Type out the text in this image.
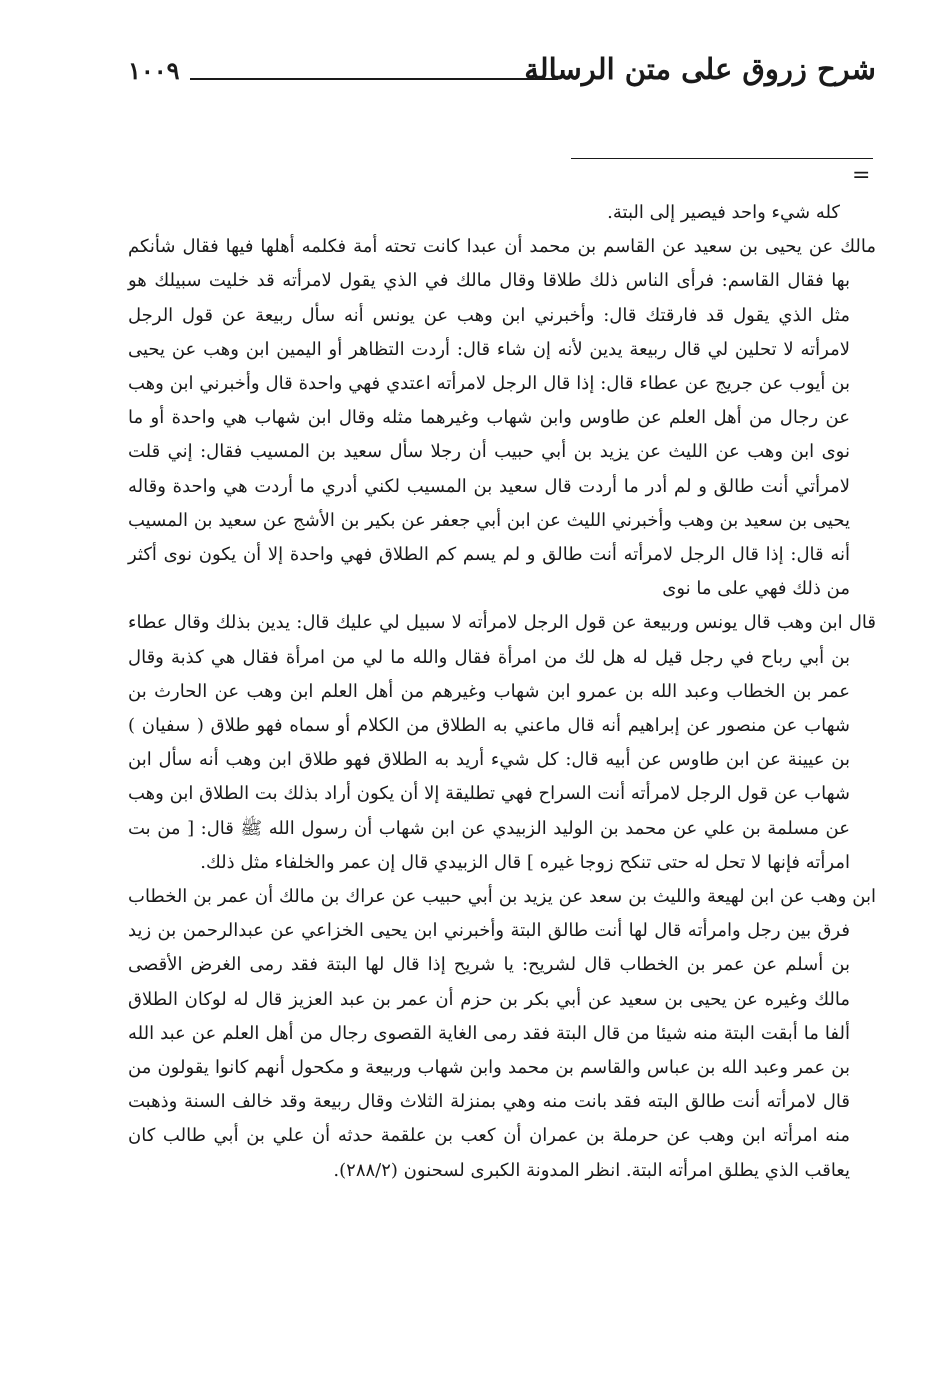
شرح زروق على متن الرسالة
١٠٠٩
=

كله شيء واحد فيصير إلى البتة.

مالك عن يحيى بن سعيد عن القاسم بن محمد أن عبدا كانت تحته أمة فكلمه أهلها فيها فقال شأنكم بها فقال القاسم: فرأى الناس ذلك طلاقا وقال مالك في الذي يقول لامرأته قد خليت سبيلك هو مثل الذي يقول قد فارقتك قال: وأخبرني ابن وهب عن يونس أنه سأل ربيعة عن قول الرجل لامرأته لا تحلين لي قال ربيعة يدين لأنه إن شاء قال: أردت التظاهر أو اليمين ابن وهب عن يحيى بن أيوب عن جريج عن عطاء قال: إذا قال الرجل لامرأته اعتدي فهي واحدة قال وأخبرني ابن وهب عن رجال من أهل العلم عن طاوس وابن شهاب وغيرهما مثله وقال ابن شهاب هي واحدة أو ما نوى ابن وهب عن الليث عن يزيد بن أبي حبيب أن رجلا سأل سعيد بن المسيب فقال: إني قلت لامرأتي أنت طالق و لم أدر ما أردت قال سعيد بن المسيب لكني أدري ما أردت هي واحدة وقاله يحيى بن سعيد بن وهب وأخبرني الليث عن ابن أبي جعفر عن بكير بن الأشج عن سعيد بن المسيب أنه قال: إذا قال الرجل لامرأته أنت طالق و لم يسم كم الطلاق فهي واحدة إلا أن يكون نوى أكثر من ذلك فهي على ما نوى

قال ابن وهب قال يونس وربيعة عن قول الرجل لامرأته لا سبيل لي عليك قال: يدين بذلك وقال عطاء بن أبي رباح في رجل قيل له هل لك من امرأة فقال والله ما لي من امرأة فقال هي كذبة وقال عمر بن الخطاب وعبد الله بن عمرو ابن شهاب وغيرهم من أهل العلم ابن وهب عن الحارث بن شهاب عن منصور عن إبراهيم أنه قال ماعني به الطلاق من الكلام أو سماه فهو طلاق ( سفيان ) بن عيينة عن ابن طاوس عن أبيه قال: كل شيء أريد به الطلاق فهو طلاق ابن وهب أنه سأل ابن شهاب عن قول الرجل لامرأته أنت السراح فهي تطليقة إلا أن يكون أراد بذلك بت الطلاق ابن وهب عن مسلمة بن علي عن محمد بن الوليد الزبيدي عن ابن شهاب أن رسول الله ﷺ قال: [ من بت امرأته فإنها لا تحل له حتى تنكح زوجا غيره ] قال الزبيدي قال إن عمر والخلفاء مثل ذلك.

ابن وهب عن ابن لهيعة والليث بن سعد عن يزيد بن أبي حبيب عن عراك بن مالك أن عمر بن الخطاب فرق بين رجل وامرأته قال لها أنت طالق البتة وأخبرني ابن يحيى الخزاعي عن عبدالرحمن بن زيد بن أسلم عن عمر بن الخطاب قال لشريح: يا شريح إذا قال لها البتة فقد رمى الغرض الأقصى مالك وغيره عن يحيى بن سعيد عن أبي بكر بن حزم أن عمر بن عبد العزيز قال له لوكان الطلاق ألفا ما أبقت البتة منه شيئا من قال البتة فقد رمى الغاية القصوى رجال من أهل العلم عن عبد الله بن عمر وعبد الله بن عباس والقاسم بن محمد وابن شهاب وربيعة و مكحول أنهم كانوا يقولون من قال لامرأته أنت طالق البته فقد بانت منه وهي بمنزلة الثلاث وقال ربيعة وقد خالف السنة وذهبت منه امرأته ابن وهب عن حرملة بن عمران أن كعب بن علقمة حدثه أن علي بن أبي طالب كان يعاقب الذي يطلق امرأته البتة. انظر المدونة الكبرى لسحنون (٢٨٨/٢).
